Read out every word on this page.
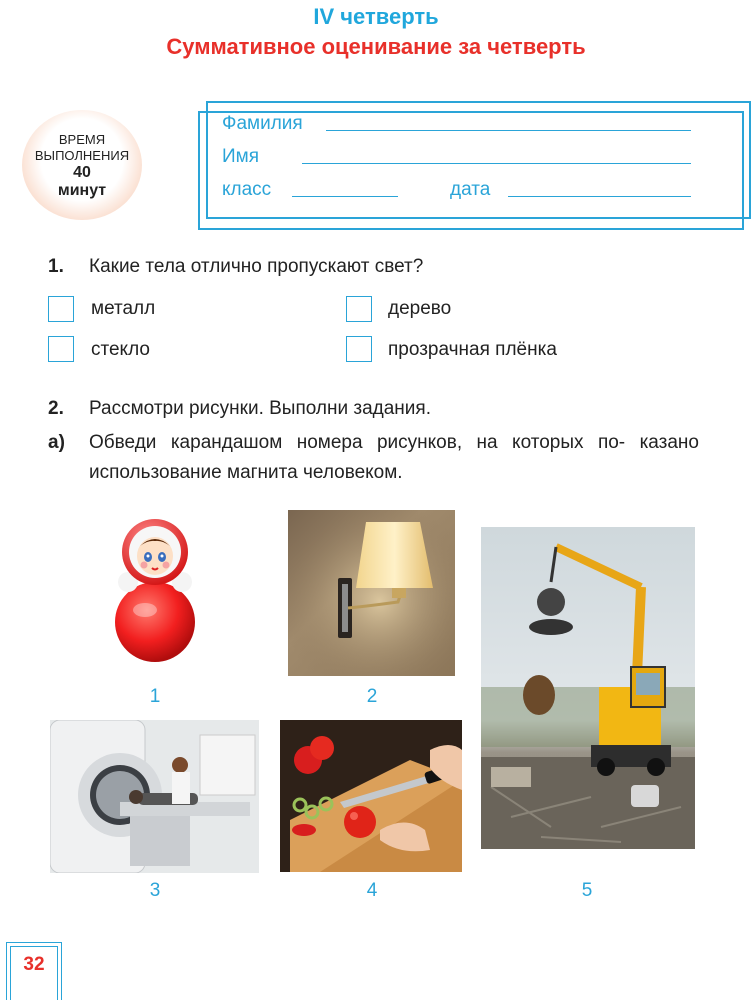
IV четверть
Суммативное оценивание за четверть
ВРЕМЯ
ВЫПОЛНЕНИЯ
40
минут
Фамилия
Имя
класс	дата
1. Какие тела отлично пропускают свет?
металл	дерево
стекло	прозрачная плёнка
2. Рассмотри рисунки. Выполни задания.
а) Обведи карандашом номера рисунков, на которых по- казано использование магнита человеком.
1	2
5
3	4
32
